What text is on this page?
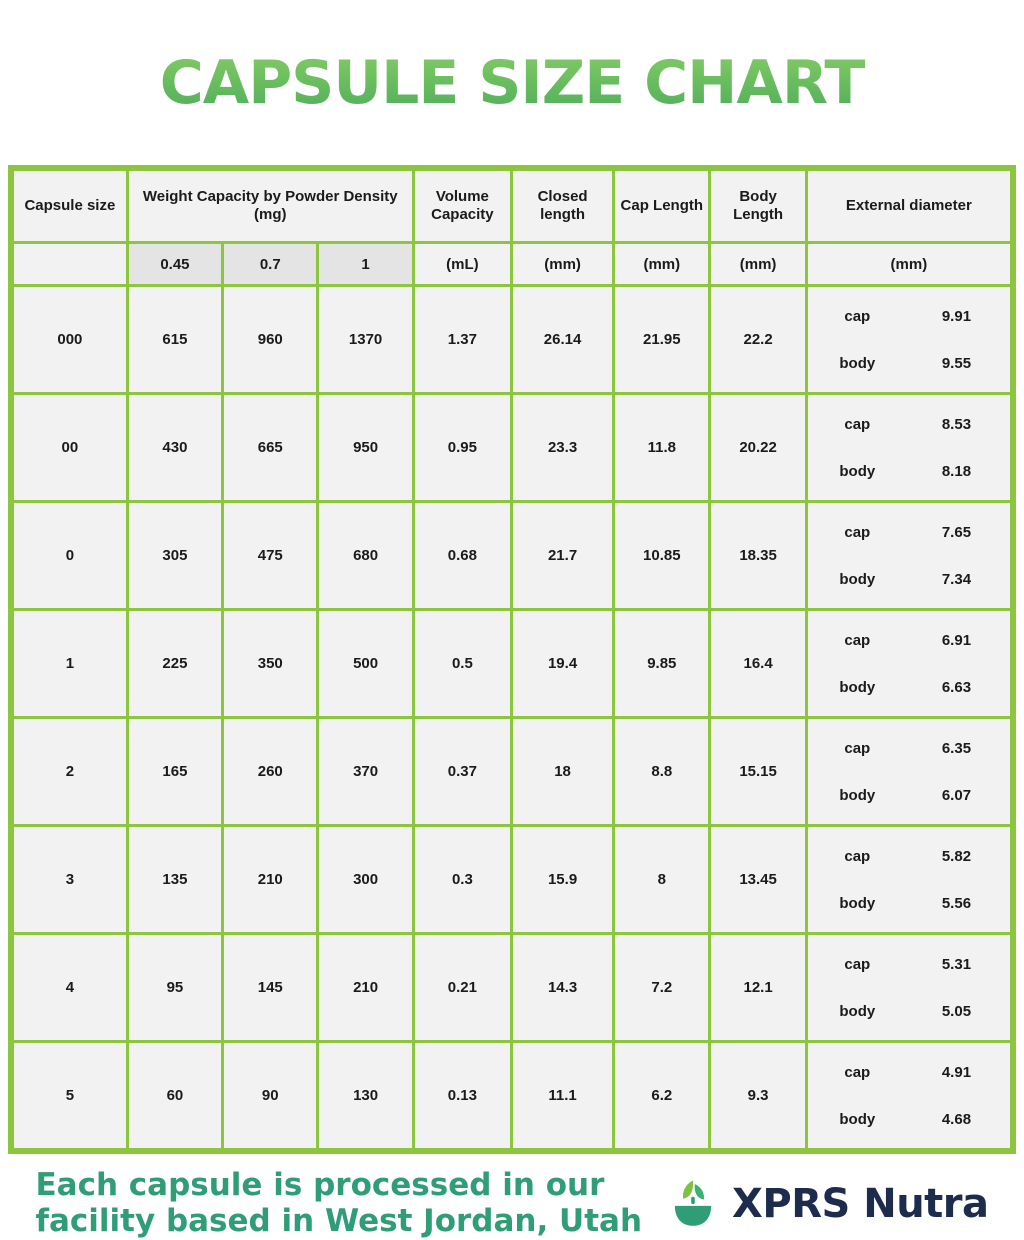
CAPSULE SIZE CHART
Capsule size	Weight Capacity by Powder Density (mg)	Volume Capacity	Closed length	Cap Length	Body Length	External diameter
	0.45	0.7	1	(mL)	(mm)	(mm)	(mm)	(mm)
000	615	960	1370	1.37	26.14	21.95	22.2	
cap	9.91
body	9.55

00	430	665	950	0.95	23.3	11.8	20.22	
cap	8.53
body	8.18

0	305	475	680	0.68	21.7	10.85	18.35	
cap	7.65
body	7.34

1	225	350	500	0.5	19.4	9.85	16.4	
cap	6.91
body	6.63

2	165	260	370	0.37	18	8.8	15.15	
cap	6.35
body	6.07

3	135	210	300	0.3	15.9	8	13.45	
cap	5.82
body	5.56

4	95	145	210	0.21	14.3	7.2	12.1	
cap	5.31
body	5.05

5	60	90	130	0.13	11.1	6.2	9.3	
cap	4.91
body	4.68
Each capsule is processed in our
facility based in West Jordan, Utah XPRS Nutra
